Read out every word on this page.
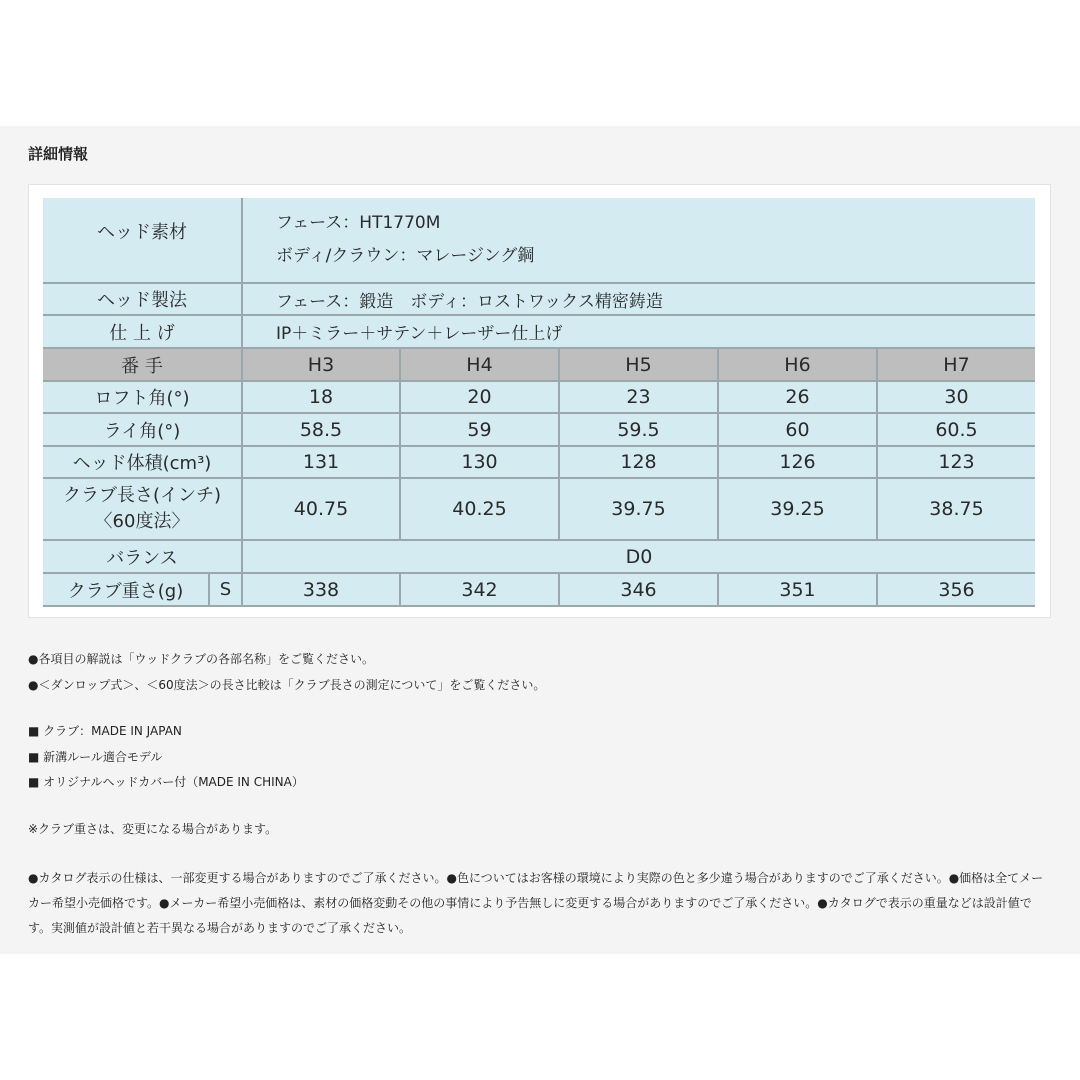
詳細情報
ヘッド素材		フェース：HT1770M
ボディ/クラウン：マレージング鋼				

ヘッド製法		フェース：鍛造　ボディ：ロストワックス精密鋳造				
仕 上 げ		IP＋ミラー＋サテン＋レーザー仕上げ				
番 手		H3	H4	H5	H6	H7
ロフト角(°)		18	20	23	26	30
ライ角(°)		58.5	59	59.5	60	60.5
ヘッド体積(cm³)		131	130	128	126	123

クラブ長さ(インチ)
〈60度法〉		40.75	40.25	39.75	39.25	38.75
バランス		D0				
クラブ重さ(g)	S	338	342	346	351	356
●各項目の解説は「ウッドクラブの各部名称」をご覧ください。
●＜ダンロップ式＞、＜60度法＞の長さ比較は「クラブ長さの測定について」をご覧ください。
■ クラブ：MADE IN JAPAN
■ 新溝ルール適合モデル
■ オリジナルヘッドカバー付（MADE IN CHINA）
※クラブ重さは、変更になる場合があります。
●カタログ表示の仕様は、一部変更する場合がありますのでご了承ください。●色についてはお客様の環境により実際の色と多少違う場合がありますのでご了承ください。●価格は全てメーカー希望小売価格です。●メーカー希望小売価格は、素材の価格変動その他の事情により予告無しに変更する場合がありますのでご了承ください。●カタログで表示の重量などは設計値です。実測値が設計値と若干異なる場合がありますのでご了承ください。
